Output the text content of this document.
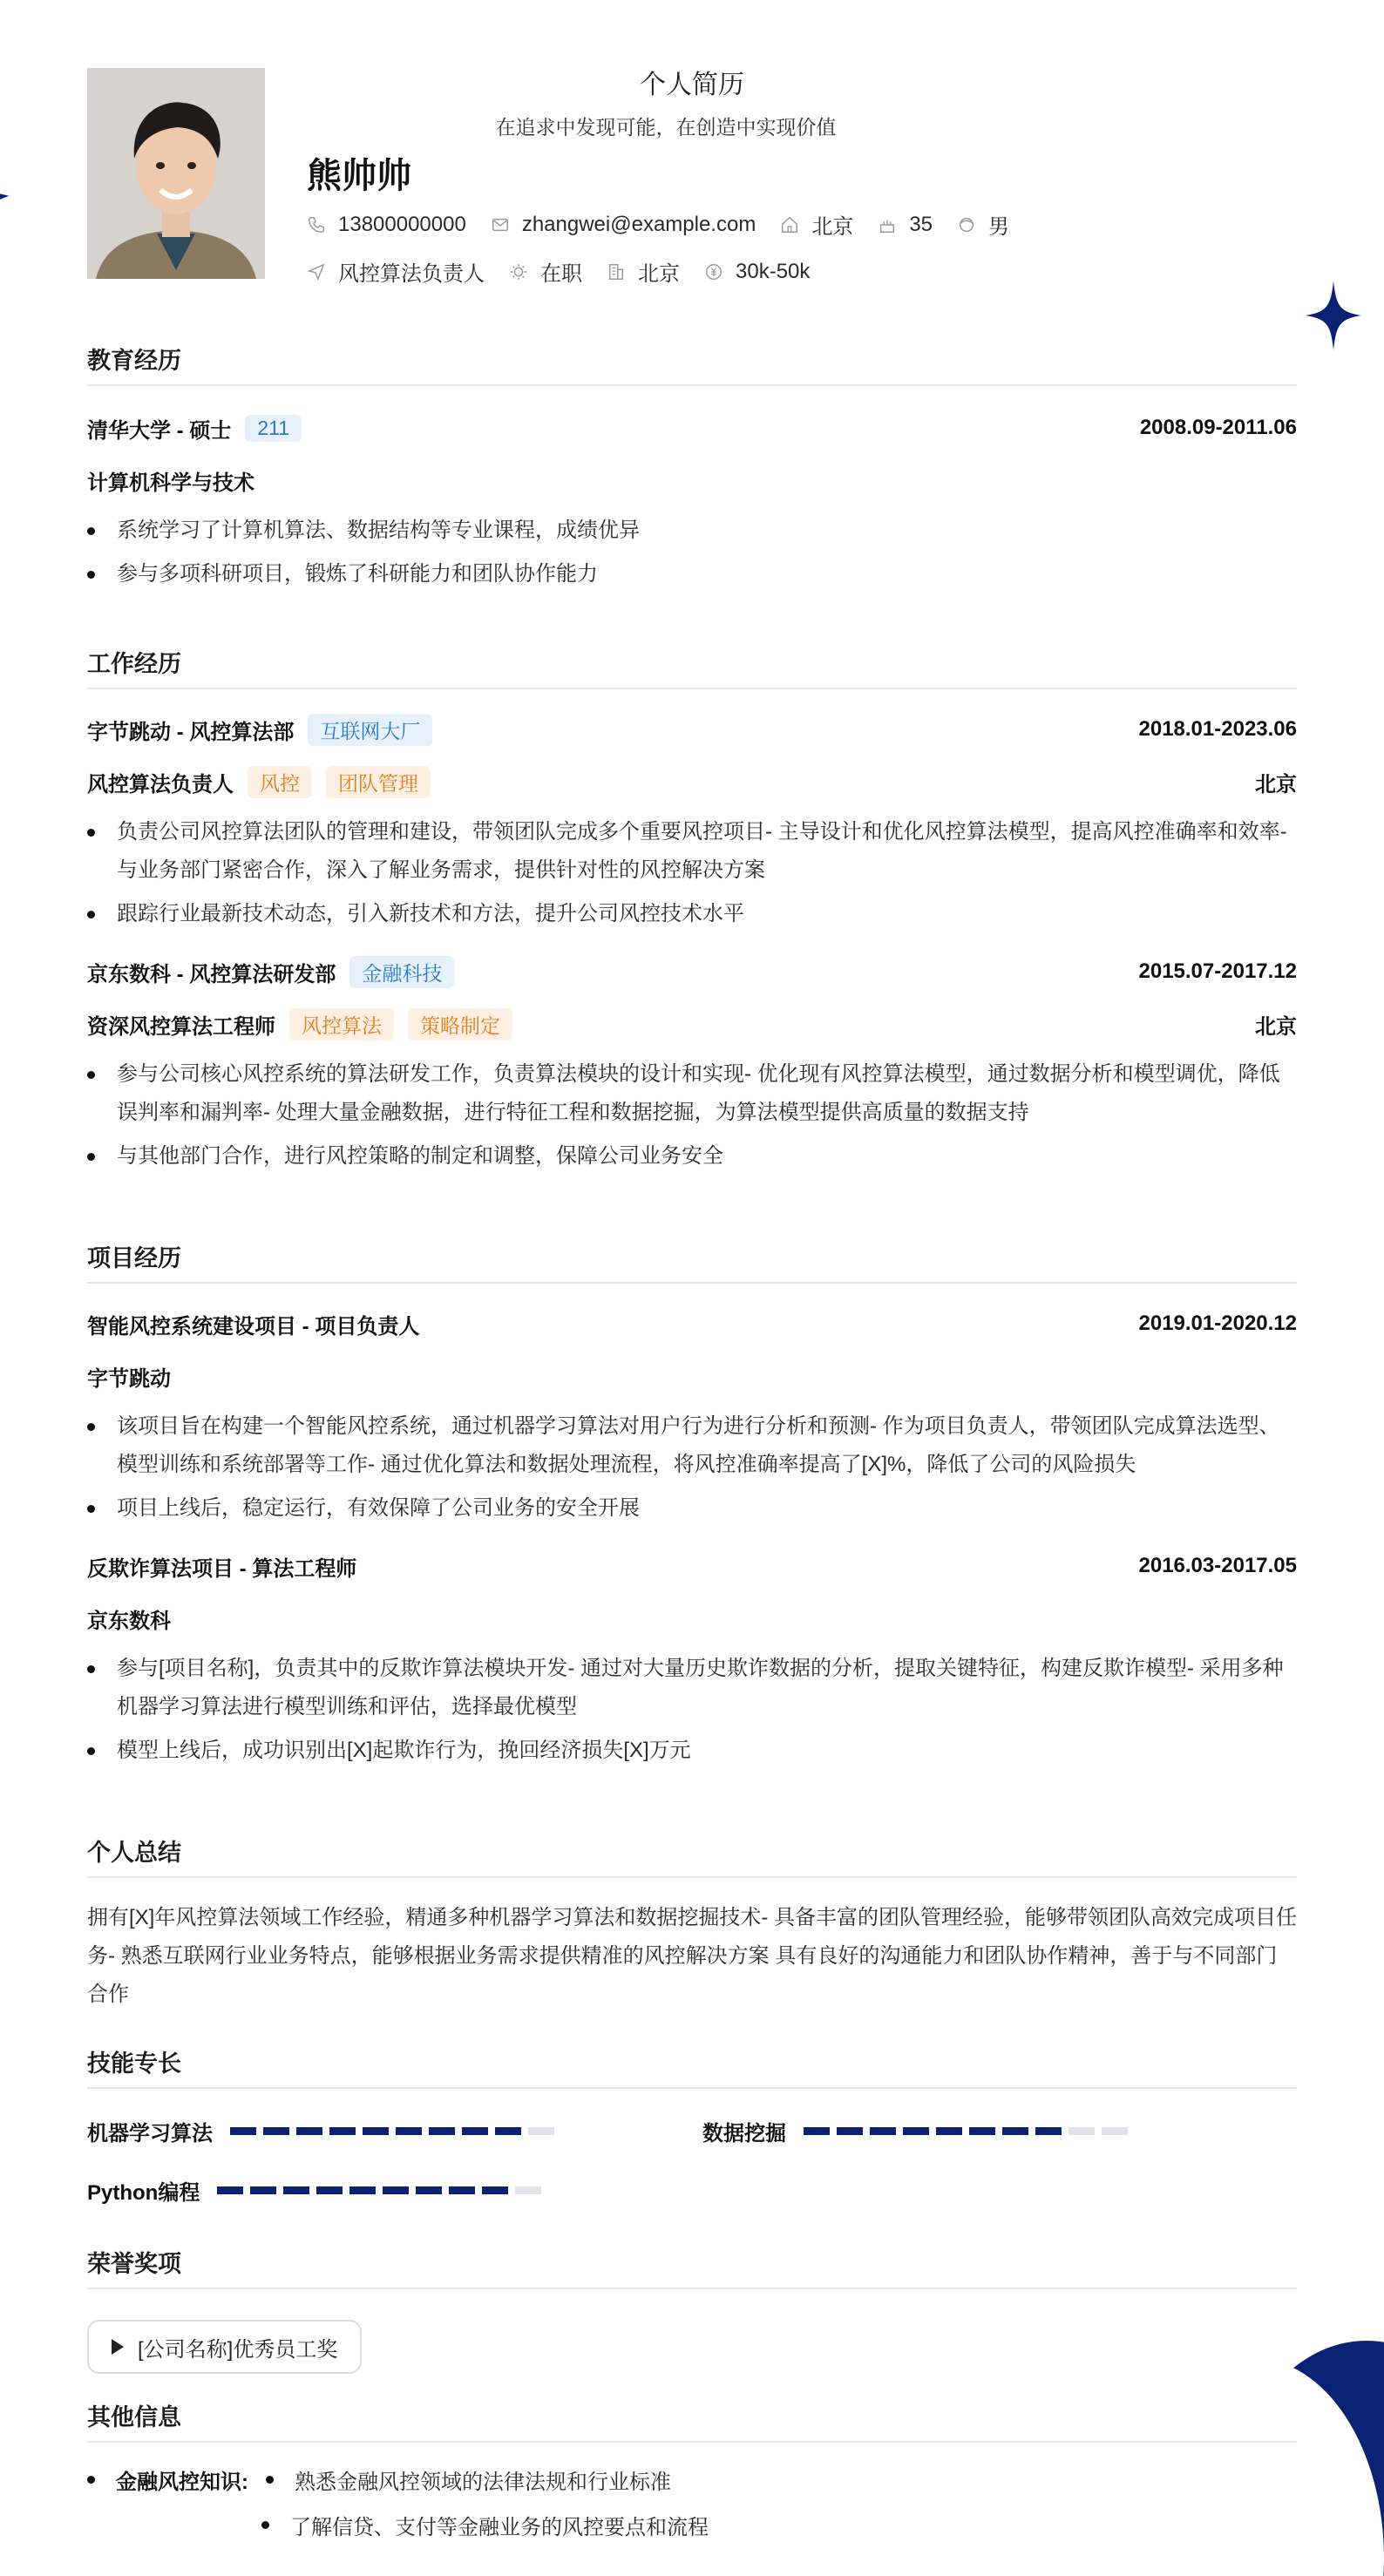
个人简历
在追求中发现可能，在创造中实现价值
熊帅帅
13800000000	zhangwei@example.com	北京	35	男
风控算法负责人	在职	北京	30k-50k
教育经历
清华大学 - 硕士	211	2008.09-2011.06
计算机科学与技术
系统学习了计算机算法、数据结构等专业课程，成绩优异
参与多项科研项目，锻炼了科研能力和团队协作能力
工作经历
字节跳动 - 风控算法部	互联网大厂	2018.01-2023.06
风控算法负责人	风控	团队管理	北京
负责公司风控算法团队的管理和建设，带领团队完成多个重要风控项目- 主导设计和优化风控算法模型，提高风控准确率和效率- 与业务部门紧密合作，深入了解业务需求，提供针对性的风控解决方案
跟踪行业最新技术动态，引入新技术和方法，提升公司风控技术水平
京东数科 - 风控算法研发部	金融科技	2015.07-2017.12
资深风控算法工程师	风控算法	策略制定	北京
参与公司核心风控系统的算法研发工作，负责算法模块的设计和实现- 优化现有风控算法模型，通过数据分析和模型调优，降低误判率和漏判率- 处理大量金融数据，进行特征工程和数据挖掘，为算法模型提供高质量的数据支持
与其他部门合作，进行风控策略的制定和调整，保障公司业务安全
项目经历
智能风控系统建设项目 - 项目负责人	2019.01-2020.12
字节跳动
该项目旨在构建一个智能风控系统，通过机器学习算法对用户行为进行分析和预测- 作为项目负责人，带领团队完成算法选型、模型训练和系统部署等工作- 通过优化算法和数据处理流程，将风控准确率提高了[X]%，降低了公司的风险损失
项目上线后，稳定运行，有效保障了公司业务的安全开展
反欺诈算法项目 - 算法工程师	2016.03-2017.05
京东数科
参与[项目名称]，负责其中的反欺诈算法模块开发- 通过对大量历史欺诈数据的分析，提取关键特征，构建反欺诈模型- 采用多种机器学习算法进行模型训练和评估，选择最优模型
模型上线后，成功识别出[X]起欺诈行为，挽回经济损失[X]万元
个人总结
拥有[X]年风控算法领域工作经验，精通多种机器学习算法和数据挖掘技术- 具备丰富的团队管理经验，能够带领团队高效完成项目任务- 熟悉互联网行业业务特点，能够根据业务需求提供精准的风控解决方案 具有良好的沟通能力和团队协作精神，善于与不同部门合作
技能专长
机器学习算法	数据挖掘
Python编程
荣誉奖项
[公司名称]优秀员工奖
其他信息
金融风控知识: 熟悉金融风控领域的法律法规和行业标准
了解信贷、支付等金融业务的风控要点和流程
